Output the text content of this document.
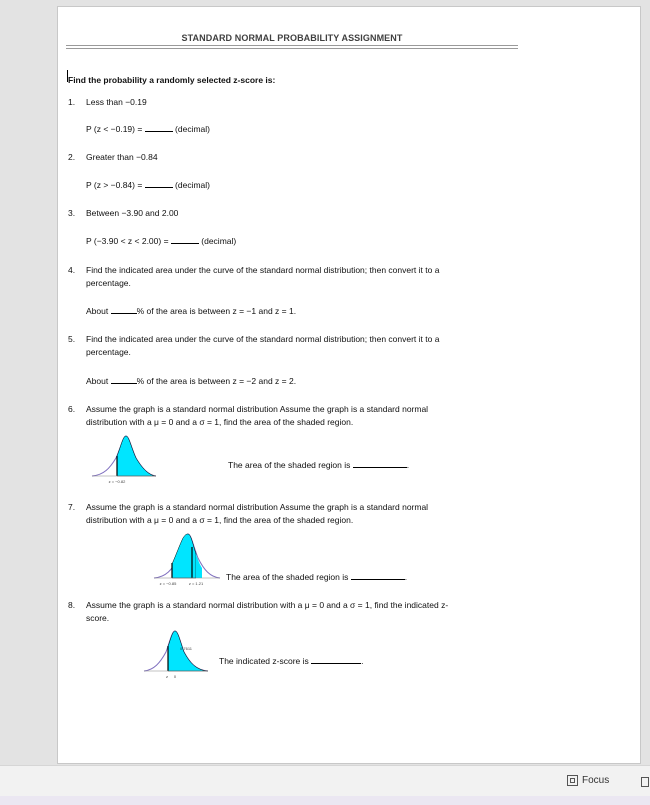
STANDARD NORMAL PROBABILITY ASSIGNMENT
Find the probability a randomly selected z-score is:
1. Less than −0.19
P (z < −0.19) =	(decimal)
2. Greater than −0.84
P (z > −0.84) =	(decimal)
3. Between −3.90 and 2.00
P (−3.90 < z < 2.00) =	(decimal)
4. Find the indicated area under the curve of the standard normal distribution; then convert it to a
percentage.
About	% of the area is between z = −1 and z = 1.
5. Find the indicated area under the curve of the standard normal distribution; then convert it to a
percentage.
About	% of the area is between z = −2 and z = 2.
6. Assume the graph is a standard normal distribution Assume the graph is a standard normal
distribution with a μ = 0 and a σ = 1, find the area of the shaded region.
z = −0.82
The area of the shaded region is	.
7. Assume the graph is a standard normal distribution Assume the graph is a standard normal
distribution with a μ = 0 and a σ = 1, find the area of the shaded region.
z = −0.85	z = 1.21
The area of the shaded region is	.
8. Assume the graph is a standard normal distribution with a μ = 0 and a σ = 1, find the indicated z-
score.
0.7611
z 0
The indicated z-score is	.
Focus
